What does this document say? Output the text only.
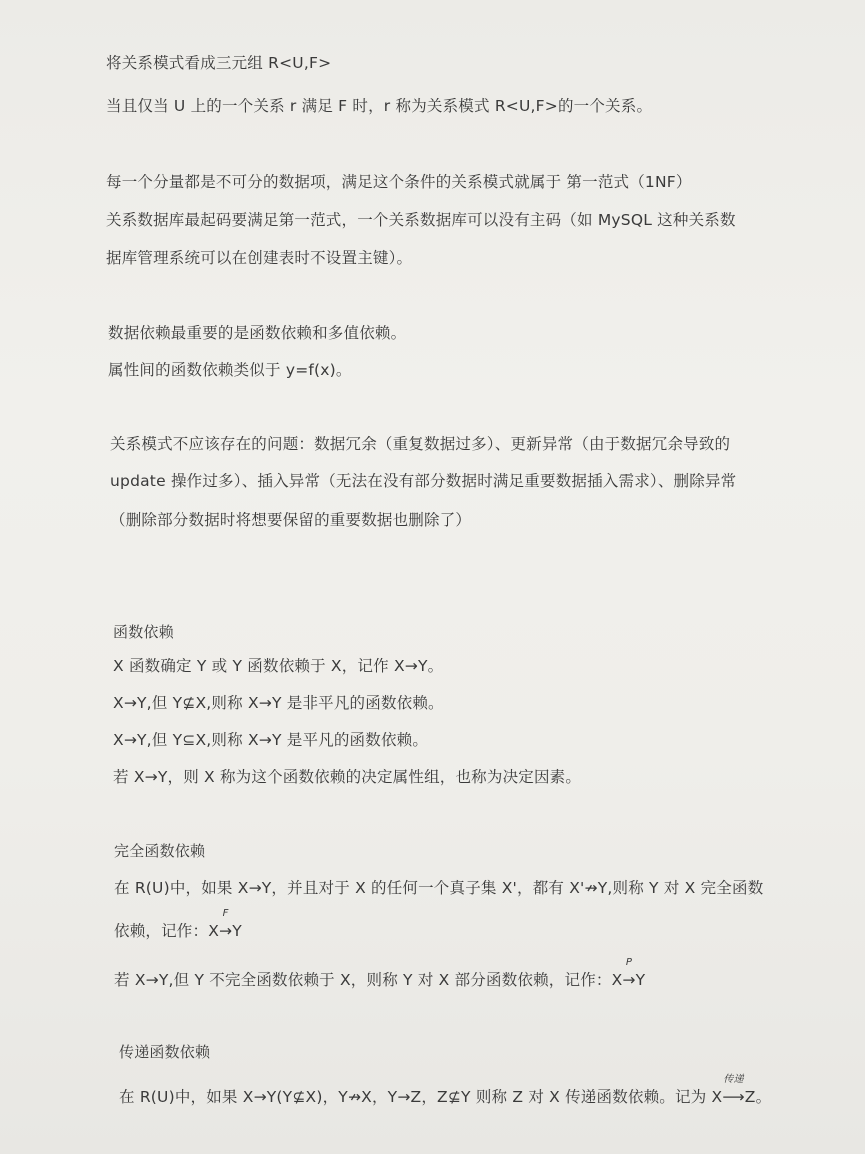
将关系模式看成三元组 R<U,F>
当且仅当 U 上的一个关系 r 满足 F 时，r 称为关系模式 R<U,F>的一个关系。
每一个分量都是不可分的数据项，满足这个条件的关系模式就属于 第一范式（1NF）
关系数据库最起码要满足第一范式，一个关系数据库可以没有主码（如 MySQL 这种关系数
据库管理系统可以在创建表时不设置主键）。
数据依赖最重要的是函数依赖和多值依赖。
属性间的函数依赖类似于 y=f(x)。
关系模式不应该存在的问题：数据冗余（重复数据过多）、更新异常（由于数据冗余导致的
update 操作过多）、插入异常（无法在没有部分数据时满足重要数据插入需求）、删除异常
（删除部分数据时将想要保留的重要数据也删除了）
函数依赖
X 函数确定 Y 或 Y 函数依赖于 X，记作 X→Y。
X→Y,但 Y⊈X,则称 X→Y 是非平凡的函数依赖。
X→Y,但 Y⊆X,则称 X→Y 是平凡的函数依赖。
若 X→Y，则 X 称为这个函数依赖的决定属性组，也称为决定因素。
完全函数依赖
在 R(U)中，如果 X→Y，并且对于 X 的任何一个真子集 X'，都有 X'↛Y,则称 Y 对 X 完全函数
依赖，记作：X
F
→Y
若 X→Y,但 Y 不完全函数依赖于 X，则称 Y 对 X 部分函数依赖，记作：X
P
→Y
传递函数依赖
在 R(U)中，如果 X→Y(Y⊈X)，Y↛X，Y→Z，Z⊈Y 则称 Z 对 X 传递函数依赖。记为 X
传递
⟶Z。
